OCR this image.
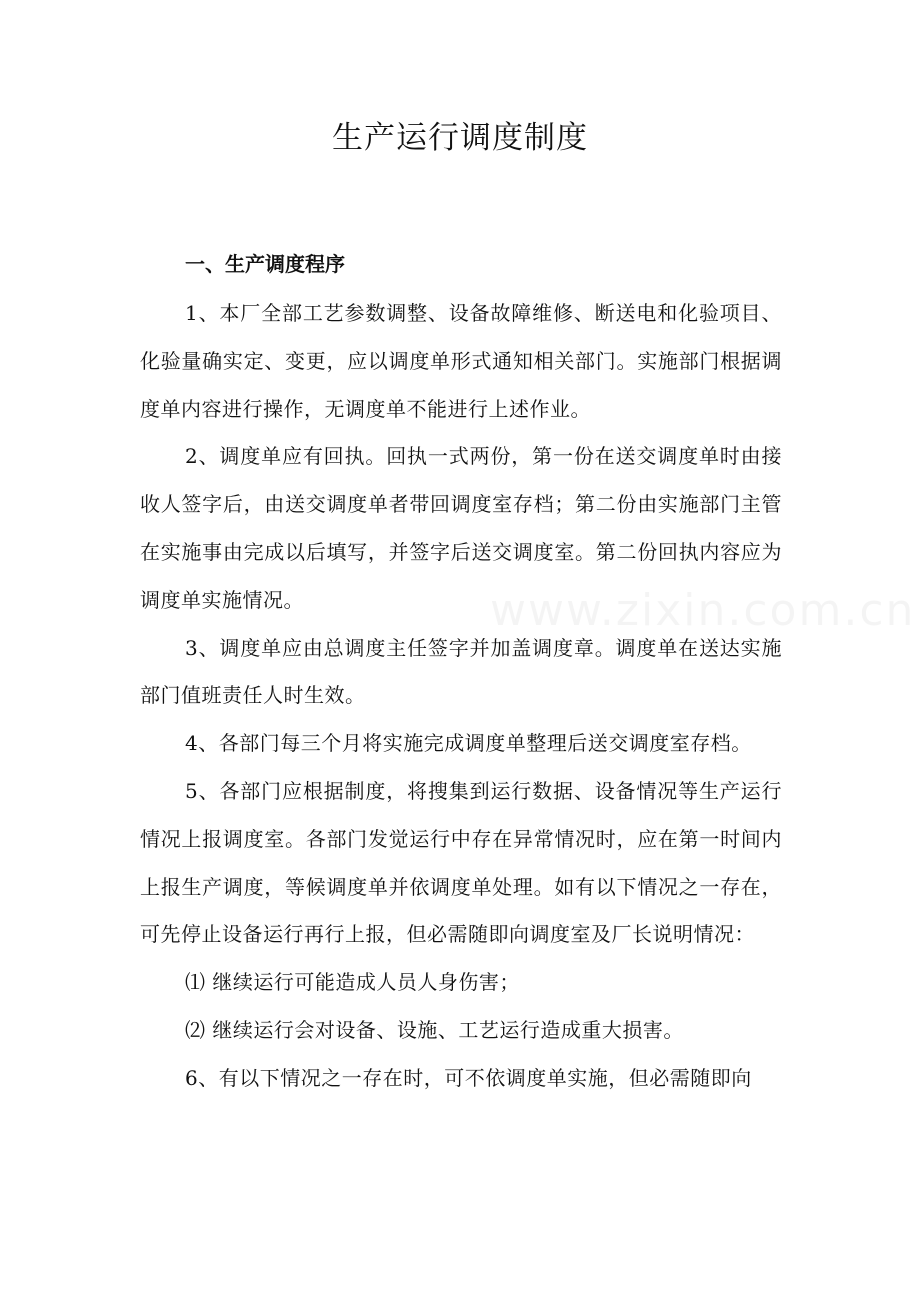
生产运行调度制度
一、生产调度程序

1、本厂全部工艺参数调整、设备故障维修、断送电和化验项目、化验量确实定、变更，应以调度单形式通知相关部门。实施部门根据调度单内容进行操作，无调度单不能进行上述作业。

2、调度单应有回执。回执一式两份，第一份在送交调度单时由接收人签字后，由送交调度单者带回调度室存档；第二份由实施部门主管在实施事由完成以后填写，并签字后送交调度室。第二份回执内容应为调度单实施情况。

3、调度单应由总调度主任签字并加盖调度章。调度单在送达实施部门值班责任人时生效。

4、各部门每三个月将实施完成调度单整理后送交调度室存档。

5、各部门应根据制度，将搜集到运行数据、设备情况等生产运行情况上报调度室。各部门发觉运行中存在异常情况时，应在第一时间内上报生产调度，等候调度单并依调度单处理。如有以下情况之一存在，可先停止设备运行再行上报，但必需随即向调度室及厂长说明情况：

⑴ 继续运行可能造成人员人身伤害；

⑵ 继续运行会对设备、设施、工艺运行造成重大损害。

6、有以下情况之一存在时，可不依调度单实施，但必需随即向
